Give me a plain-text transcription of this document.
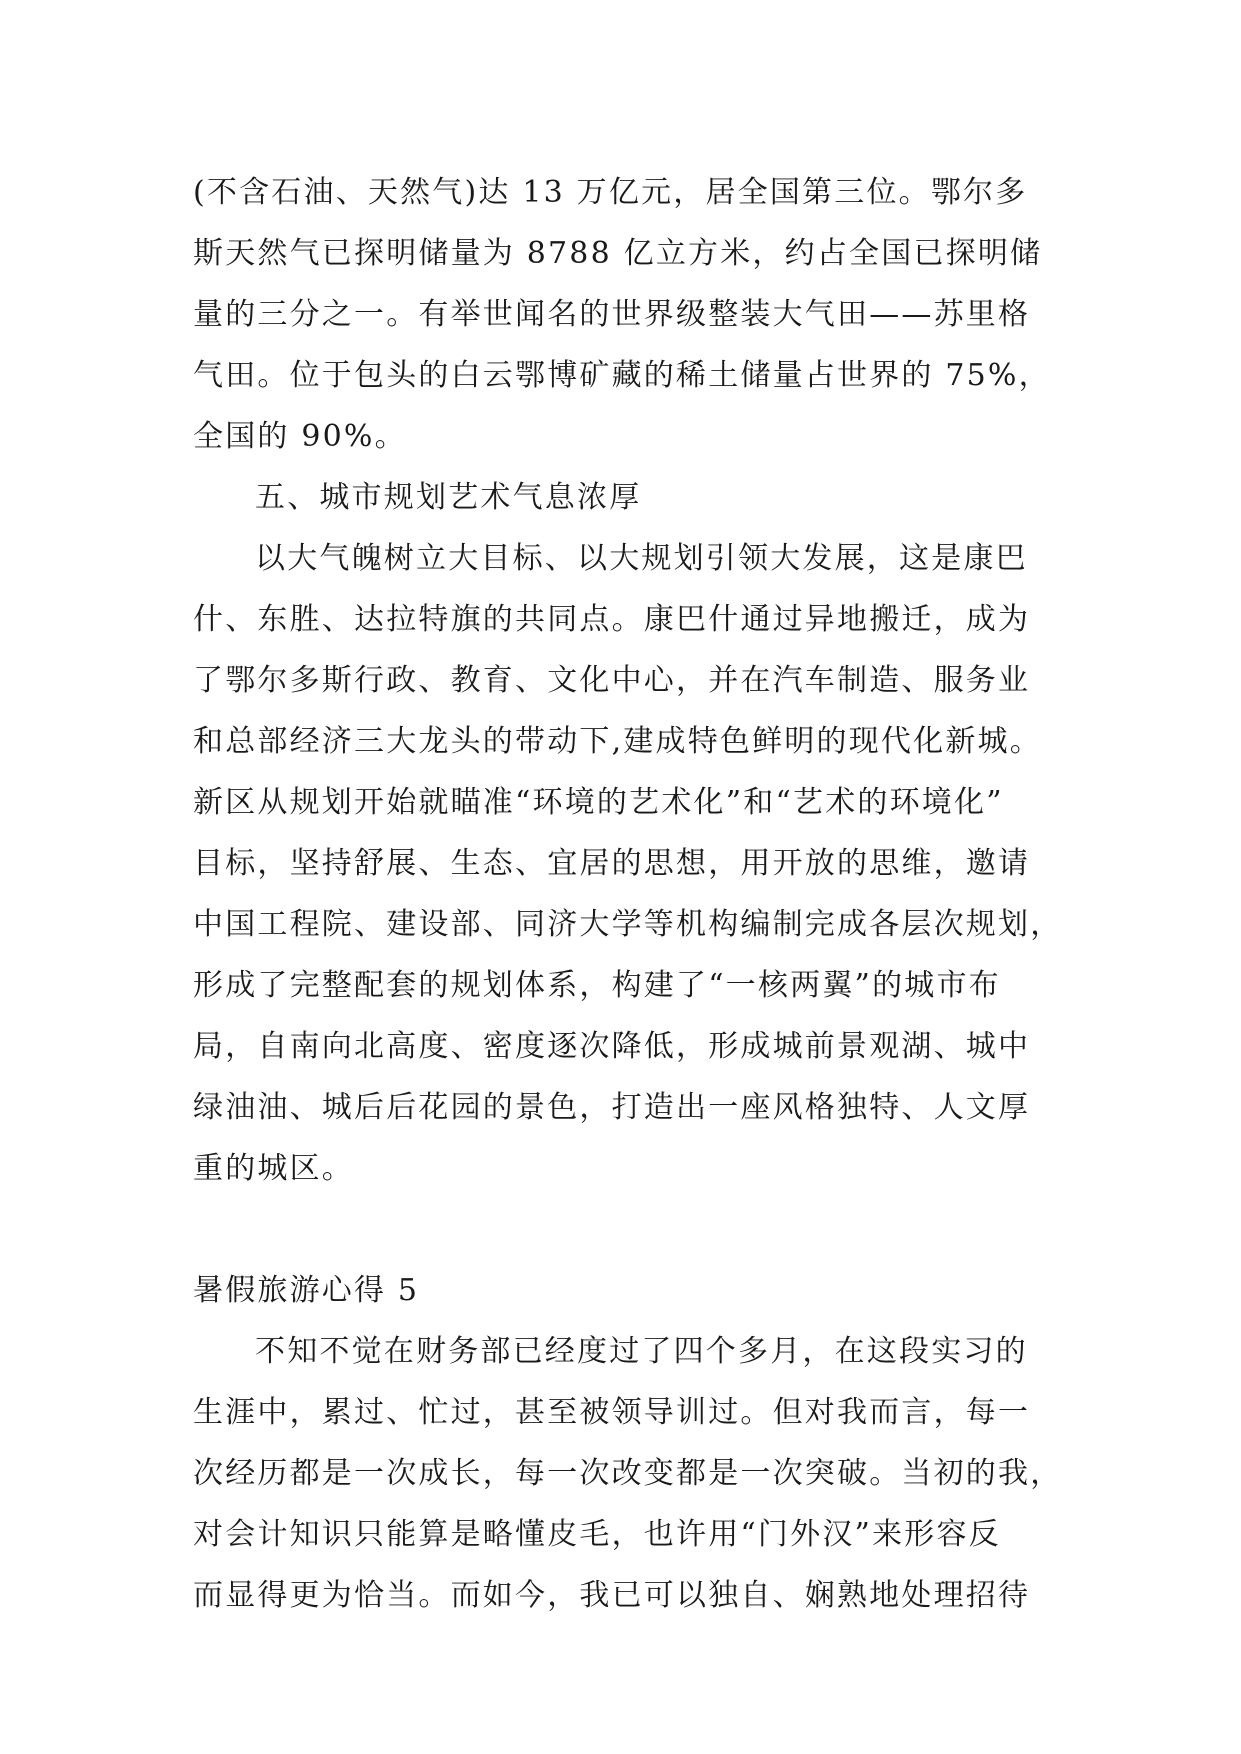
(不含石油、天然气)达 13 万亿元，居全国第三位。鄂尔多
斯天然气已探明储量为 8788 亿立方米，约占全国已探明储
量的三分之一。有举世闻名的世界级整装大气田——苏里格
气田。位于包头的白云鄂博矿藏的稀土储量占世界的 75%，
全国的 90%。
五、城市规划艺术气息浓厚
以大气魄树立大目标、以大规划引领大发展，这是康巴
什、东胜、达拉特旗的共同点。康巴什通过异地搬迁，成为
了鄂尔多斯行政、教育、文化中心，并在汽车制造、服务业
和总部经济三大龙头的带动下,建成特色鲜明的现代化新城。
新区从规划开始就瞄准“环境的艺术化”和“艺术的环境化”
目标，坚持舒展、生态、宜居的思想，用开放的思维，邀请
中国工程院、建设部、同济大学等机构编制完成各层次规划，
形成了完整配套的规划体系，构建了“一核两翼”的城市布
局，自南向北高度、密度逐次降低，形成城前景观湖、城中
绿油油、城后后花园的景色，打造出一座风格独特、人文厚
重的城区。
暑假旅游心得 5
不知不觉在财务部已经度过了四个多月，在这段实习的
生涯中，累过、忙过，甚至被领导训过。但对我而言，每一
次经历都是一次成长，每一次改变都是一次突破。当初的我，
对会计知识只能算是略懂皮毛，也许用“门外汉”来形容反
而显得更为恰当。而如今，我已可以独自、娴熟地处理招待
